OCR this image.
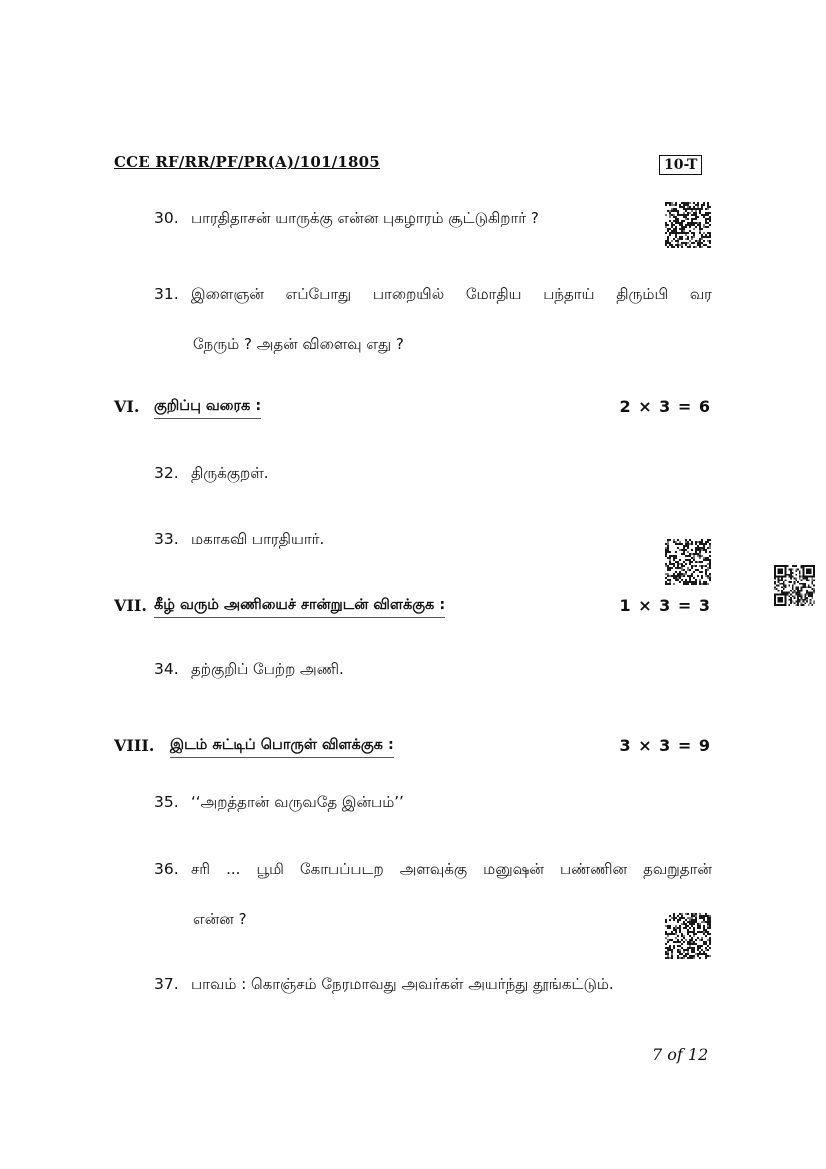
CCE RF/RR/PF/PR(A)/101/1805	10-T
30. பாரதிதாசன் யாருக்கு என்ன புகழாரம் சூட்டுகிறார் ?
31. இளைஞன் எப்போது பாறையில் மோதிய பந்தாய் திரும்பி வர
நேரும் ? அதன் விளைவு எது ?
VI. குறிப்பு வரைக :	2 × 3 = 6
32. திருக்குறள்.
33. மகாகவி பாரதியார்.
VII. கீழ் வரும் அணியைச் சான்றுடன் விளக்குக :	1 × 3 = 3
34. தற்குறிப் பேற்ற அணி.
VIII. இடம் சுட்டிப் பொருள் விளக்குக :	3 × 3 = 9
35. ‘‘அறத்தான் வருவதே இன்பம்’’
36. சரி ... பூமி கோபப்படற அளவுக்கு மனுஷன் பண்ணின தவறுதான்
என்ன ?
37. பாவம் : கொஞ்சம் நேரமாவது அவர்கள் அயர்ந்து தூங்கட்டும்.
7 of 12
